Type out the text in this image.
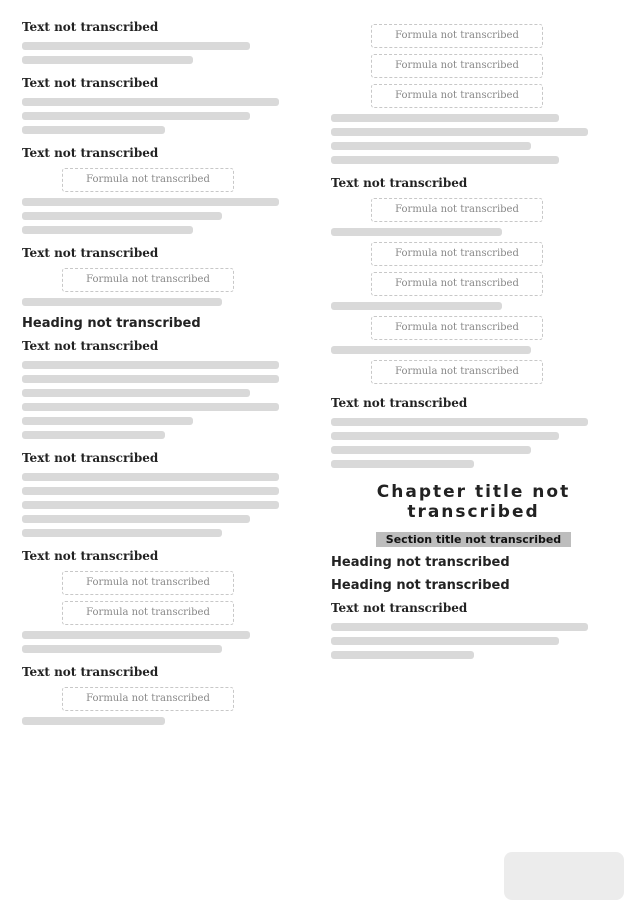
Text not transcribed
Text not transcribed
Text not transcribed
Formula not transcribed
Text not transcribed
Formula not transcribed
Heading not transcribed
Text not transcribed
Text not transcribed
Text not transcribed
Formula not transcribed
Formula not transcribed
Text not transcribed
Formula not transcribed
Formula not transcribed
Formula not transcribed
Formula not transcribed
Text not transcribed
Formula not transcribed
Formula not transcribed
Formula not transcribed
Formula not transcribed
Formula not transcribed
Text not transcribed
Chapter title not transcribed
Section title not transcribed
Heading not transcribed
Heading not transcribed
Text not transcribed
